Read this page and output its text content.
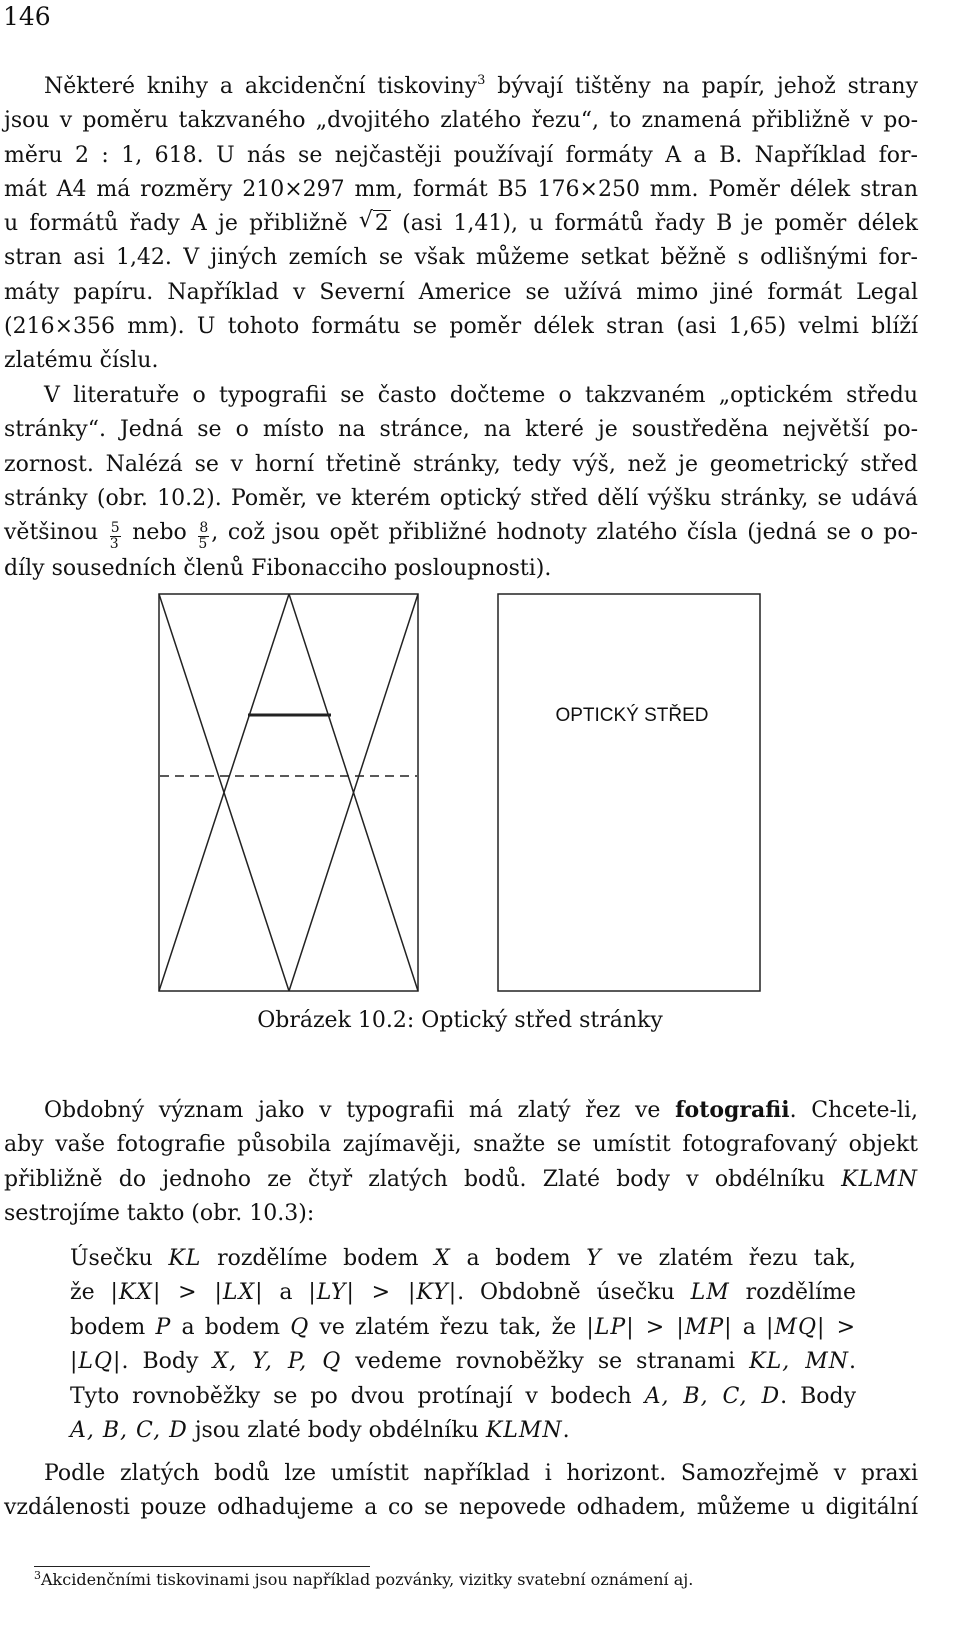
146
Některé knihy a akcidenční tiskoviny$^3$ bývají tištěny na papír, jehož strany
jsou v poměru takzvaného „dvojitého zlatého řezu“, to znamená přibližně v po-
měru 2 : 1, 618. U nás se nejčastěji používají formáty A a B. Například for-
mát A4 má rozměry 210×297 mm, formát B5 176×250 mm. Poměr délek stran
u formátů řady A je přibližně √ 2 (asi 1,41), u formátů řady B je poměr délek
stran asi 1,42. V jiných zemích se však můžeme setkat běžně s odlišnými for-
máty papíru. Například v Severní Americe se užívá mimo jiné formát Legal
(216×356 mm). U tohoto formátu se poměr délek stran (asi 1,65) velmi blíží
zlatému číslu.
V literatuře o typografii se často dočteme o takzvaném „optickém středu
stránky“. Jedná se o místo na stránce, na které je soustředěna největší po-
zornost. Nalézá se v horní třetině stránky, tedy výš, než je geometrický střed
stránky (obr. 10.2). Poměr, ve kterém optický střed dělí výšku stránky, se udává
většinou $\frac{5}{3}$ nebo $\frac{8}{5}$ , což jsou opět přibližné hodnoty zlatého čísla (jedná se o po-
díly sousedních členů Fibonacciho posloupnosti).
OPTICKÝ STŘED
Obrázek 10.2: Optický střed stránky
Obdobný význam jako v typografii má zlatý řez ve fotografii. Chcete-li,
aby vaše fotografie působila zajímavěji, snažte se umístit fotografovaný objekt
přibližně do jednoho ze čtyř zlatých bodů. Zlaté body v obdélníku KLMN
sestrojíme takto (obr. 10.3):
Úsečku KL rozdělíme bodem X a bodem Y ve zlatém řezu tak,
že |KX| > |LX| a |LY| > |KY|. Obdobně úsečku LM rozdělíme
bodem P a bodem Q ve zlatém řezu tak, že |LP| > |MP| a |MQ| >
|LQ|. Body X, Y, P, Q vedeme rovnoběžky se stranami KL, MN.
Tyto rovnoběžky se po dvou protínají v bodech A, B, C, D. Body
A, B, C, D jsou zlaté body obdélníku KLMN.
Podle zlatých bodů lze umístit například i horizont. Samozřejmě v praxi
vzdálenosti pouze odhadujeme a co se nepovede odhadem, můžeme u digitální
$^3$Akcidenčními tiskovinami jsou například pozvánky, vizitky svatební oznámení aj.
